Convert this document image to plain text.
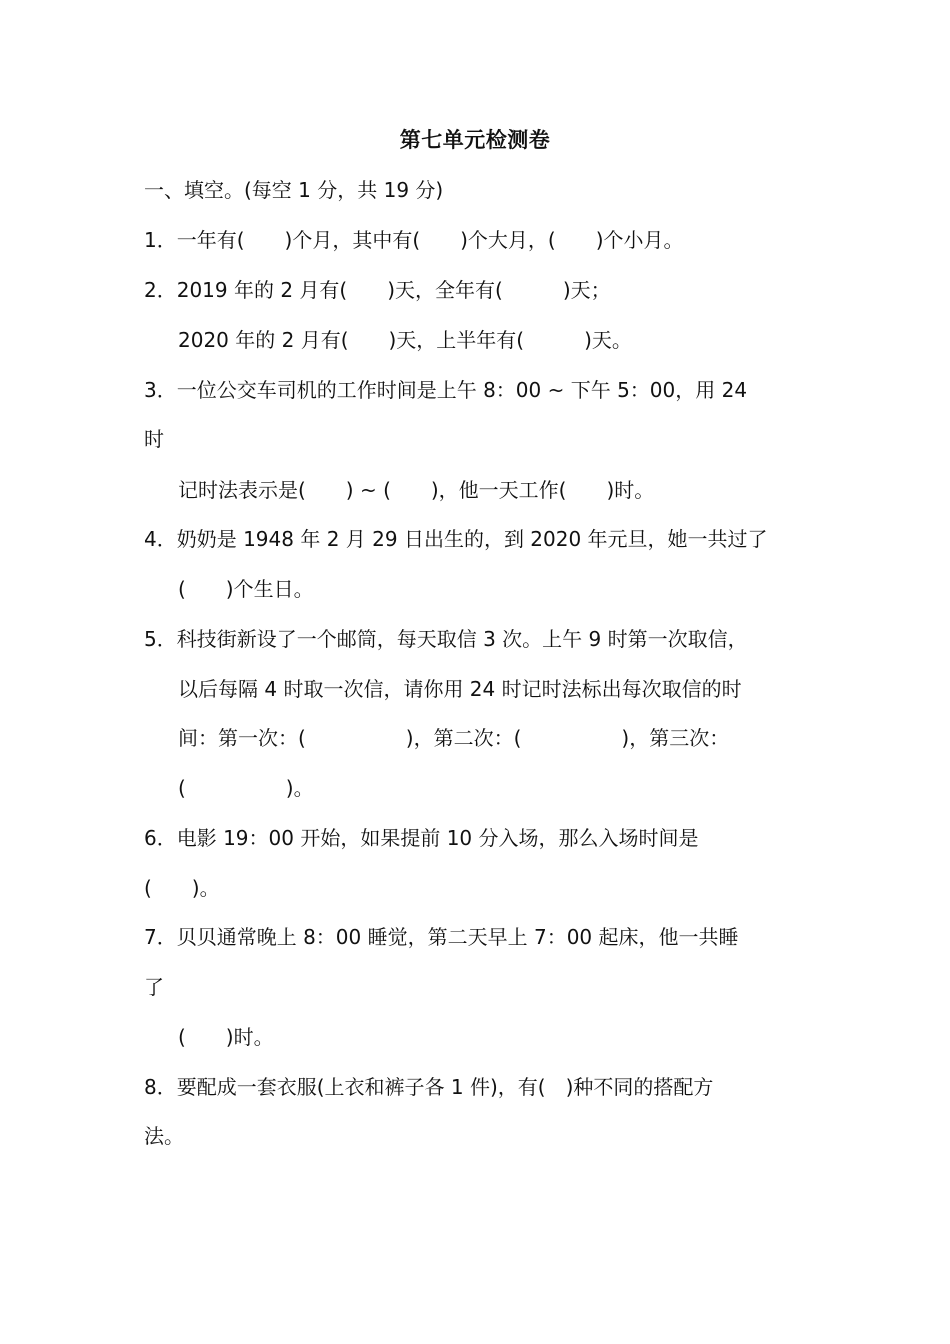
第七单元检测卷
一、填空。(每空 1 分，共 19 分)
1．一年有(　　)个月，其中有(　　)个大月，(　　)个小月。
2．2019 年的 2 月有(　　)天，全年有(　　　)天；
2020 年的 2 月有(　　)天，上半年有(　　　)天。
3．一位公交车司机的工作时间是上午 8：00 ~ 下午 5：00，用 24
时
记时法表示是(　　) ~ (　　)，他一天工作(　　)时。
4．奶奶是 1948 年 2 月 29 日出生的，到 2020 年元旦，她一共过了
(　　)个生日。
5．科技街新设了一个邮筒，每天取信 3 次。上午 9 时第一次取信，
以后每隔 4 时取一次信，请你用 24 时记时法标出每次取信的时
间：第一次：(　　　　　)，第二次：(　　　　　)，第三次：
(　　　　　)。
6．电影 19：00 开始，如果提前 10 分入场，那么入场时间是
(　　)。
7．贝贝通常晚上 8：00 睡觉，第二天早上 7：00 起床，他一共睡
了
(　　)时。
8．要配成一套衣服(上衣和裤子各 1 件)，有(　)种不同的搭配方
法。
